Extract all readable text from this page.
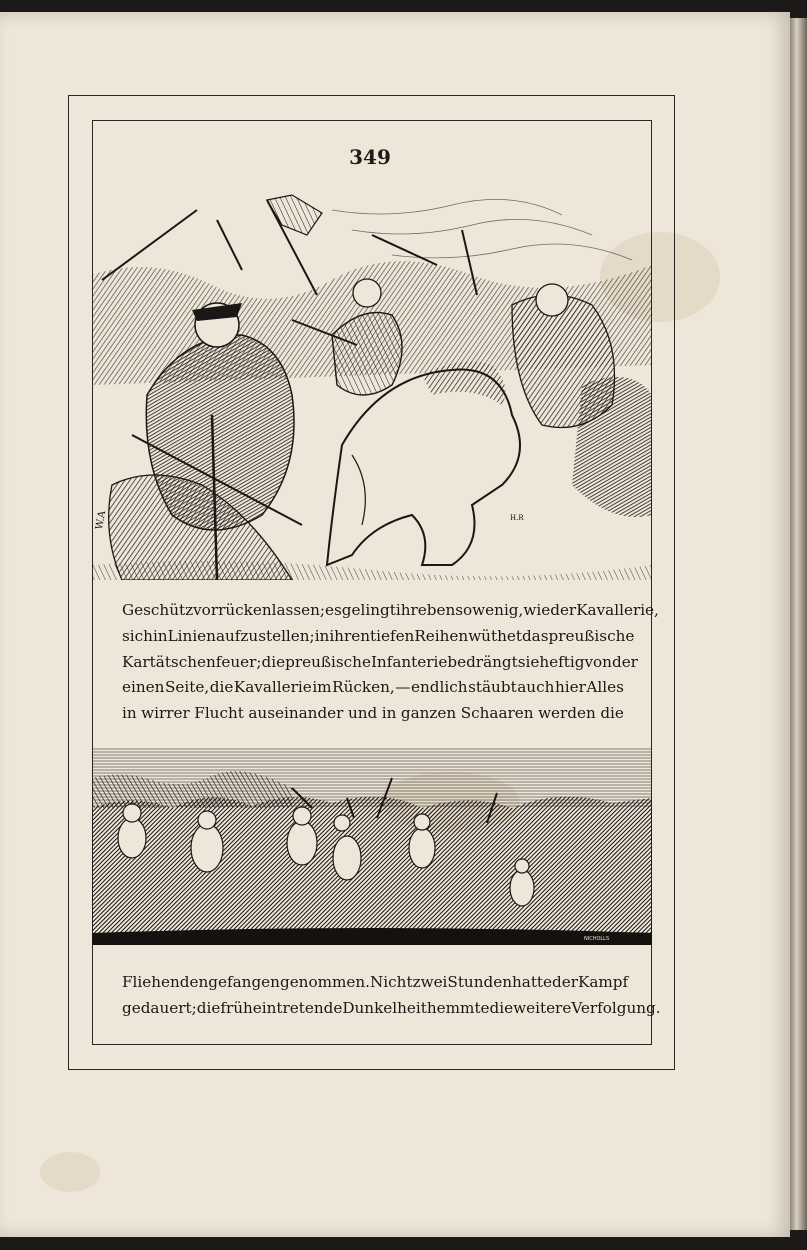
349
W.A	H.R
Geschütz vorrücken lassen; es gelingt ihr ebenso wenig, wie der Kavallerie,
sich in Linien aufzustellen; in ihren tiefen Reihen wüthet das preußische
Kartätschenfeuer; die preußische Infanterie bedrängt sie heftig von der
einen Seite, die Kavallerie im Rücken, — endlich stäubt auch hier Alles
in wirrer Flucht auseinander und in ganzen Schaaren werden die
NICHOLLS
Fliehenden gefangen genommen. Nicht zwei Stunden hatte der Kampf
gedauert; die früh eintretende Dunkelheit hemmte die weitere Verfolgung.
